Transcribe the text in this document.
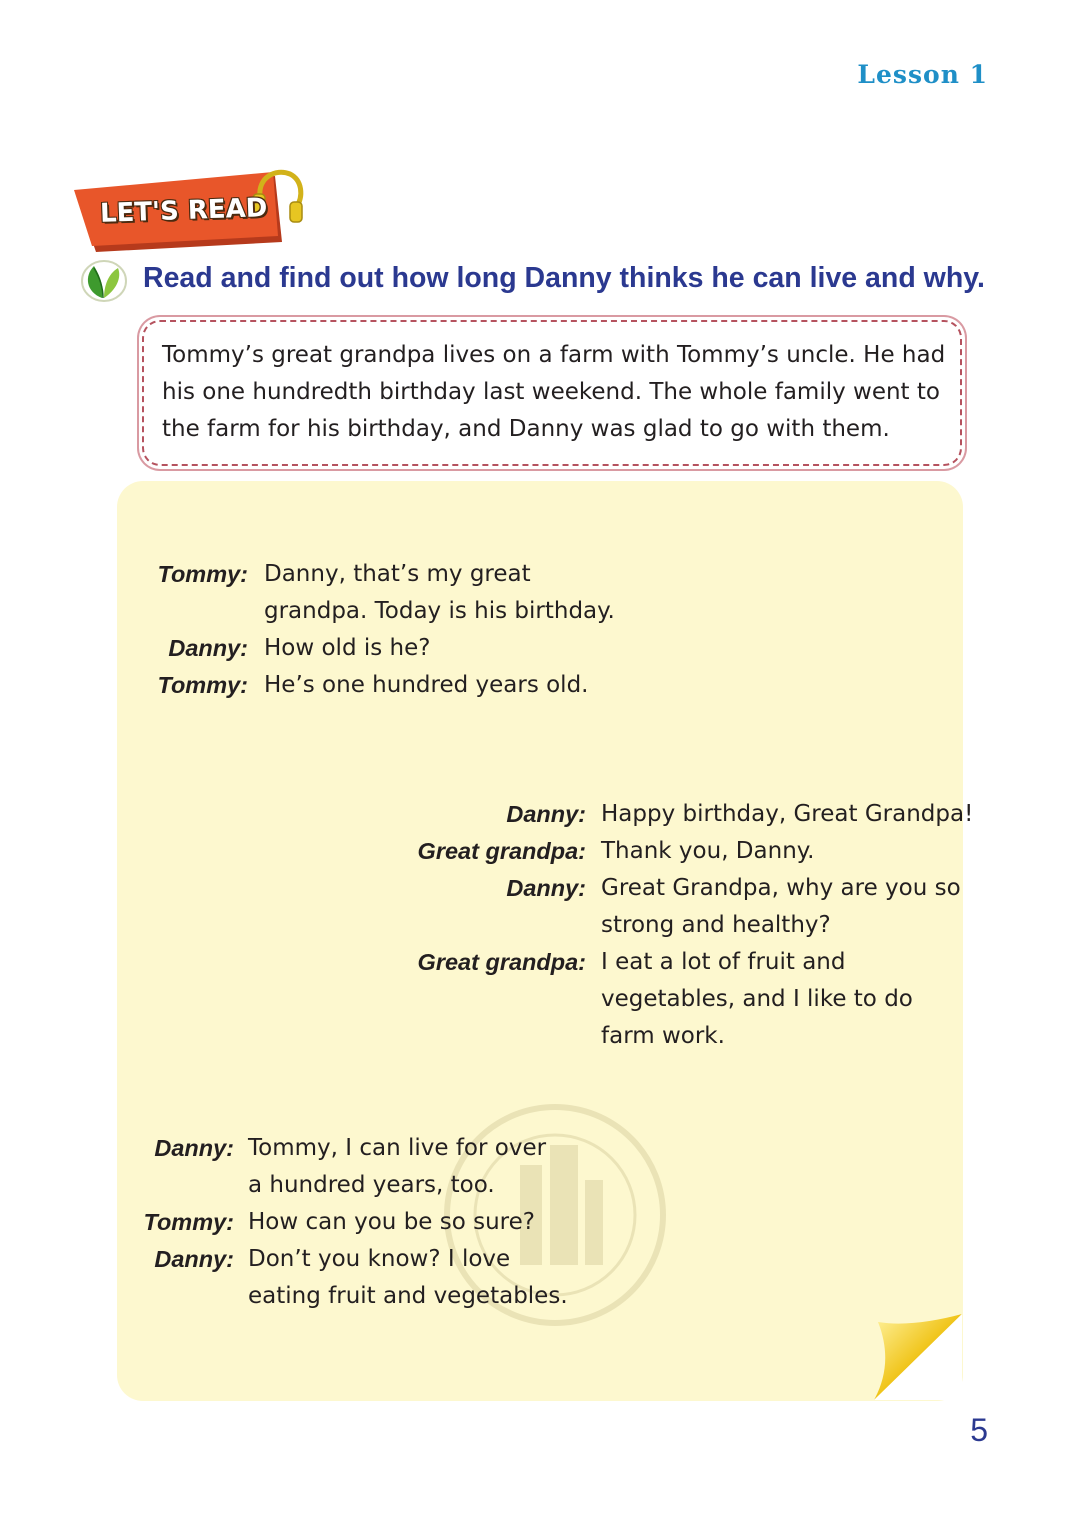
Lesson 1
LET'S READ
Read and find out how long Danny thinks he can live and why.
Tommy’s great grandpa lives on a farm with Tommy’s uncle. He had his one hundredth birthday last weekend. The whole family went to the farm for his birthday, and Danny was glad to go with them.
Tommy: Danny, that’s my great
grandpa. Today is his birthday.
Danny: How old is he?
Tommy: He’s one hundred years old.
Danny: Happy birthday, Great Grandpa!
Great grandpa: Thank you, Danny.
Danny: Great Grandpa, why are you so
strong and healthy?
Great grandpa: I eat a lot of fruit and
vegetables, and I like to do
farm work.
Danny: Tommy, I can live for over
a hundred years, too.
Tommy: How can you be so sure?
Danny: Don’t you know? I love
eating fruit and vegetables.
5
